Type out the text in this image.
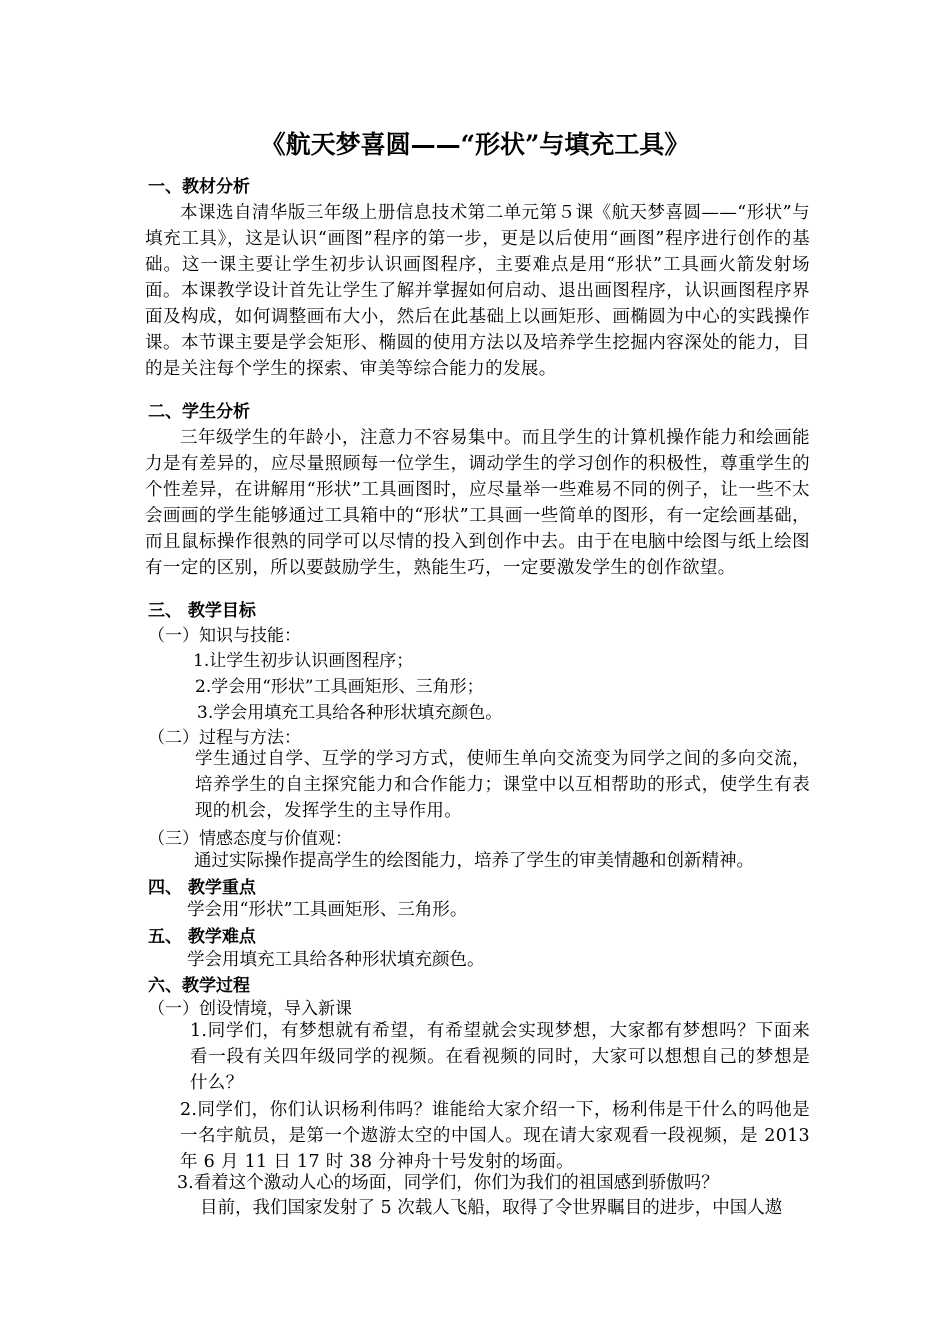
《航天梦喜圆——“形状”与填充工具》
一、教材分析

本课选自清华版三年级上册信息技术第二单元第５课《航天梦喜圆——“形状”与填充工具》，这是认识“画图”程序的第一步，更是以后使用“画图”程序进行创作的基础。这一课主要让学生初步认识画图程序，主要难点是用“形状”工具画火箭发射场面。本课教学设计首先让学生了解并掌握如何启动、退出画图程序，认识画图程序界面及构成，如何调整画布大小，然后在此基础上以画矩形、画椭圆为中心的实践操作课。本节课主要是学会矩形、椭圆的使用方法以及培养学生挖掘内容深处的能力，目的是关注每个学生的探索、审美等综合能力的发展。

二、学生分析

三年级学生的年龄小，注意力不容易集中。而且学生的计算机操作能力和绘画能力是有差异的，应尽量照顾每一位学生，调动学生的学习创作的积极性，尊重学生的个性差异，在讲解用“形状”工具画图时，应尽量举一些难易不同的例子，让一些不太会画画的学生能够通过工具箱中的“形状”工具画一些简单的图形，有一定绘画基础，而且鼠标操作很熟的同学可以尽情的投入到创作中去。由于在电脑中绘图与纸上绘图有一定的区别，所以要鼓励学生，熟能生巧，一定要激发学生的创作欲望。

三、 教学目标
（一）知识与技能：
1.让学生初步认识画图程序；
2.学会用“形状”工具画矩形、三角形；
3.学会用填充工具给各种形状填充颜色。
（二）过程与方法：

学生通过自学、互学的学习方式，使师生单向交流变为同学之间的多向交流，培养学生的自主探究能力和合作能力；课堂中以互相帮助的形式，使学生有表现的机会，发挥学生的主导作用。

（三）情感态度与价值观：

通过实际操作提高学生的绘图能力，培养了学生的审美情趣和创新精神。

四、 教学重点

学会用“形状”工具画矩形、三角形。

五、 教学难点

学会用填充工具给各种形状填充颜色。

六、教学过程
（一）创设情境，导入新课

1.同学们，有梦想就有希望，有希望就会实现梦想，大家都有梦想吗？下面来看一段有关四年级同学的视频。在看视频的同时，大家可以想想自己的梦想是什么？

2.同学们，你们认识杨利伟吗？谁能给大家介绍一下，杨利伟是干什么的吗他是一名宇航员，是第一个遨游太空的中国人。现在请大家观看一段视频，是 2013 年 6 月 11 日 17 时 38 分神舟十号发射的场面。

3.看着这个激动人心的场面，同学们，你们为我们的祖国感到骄傲吗？

目前，我们国家发射了 5 次载人飞船，取得了令世界瞩目的进步，中国人遨
